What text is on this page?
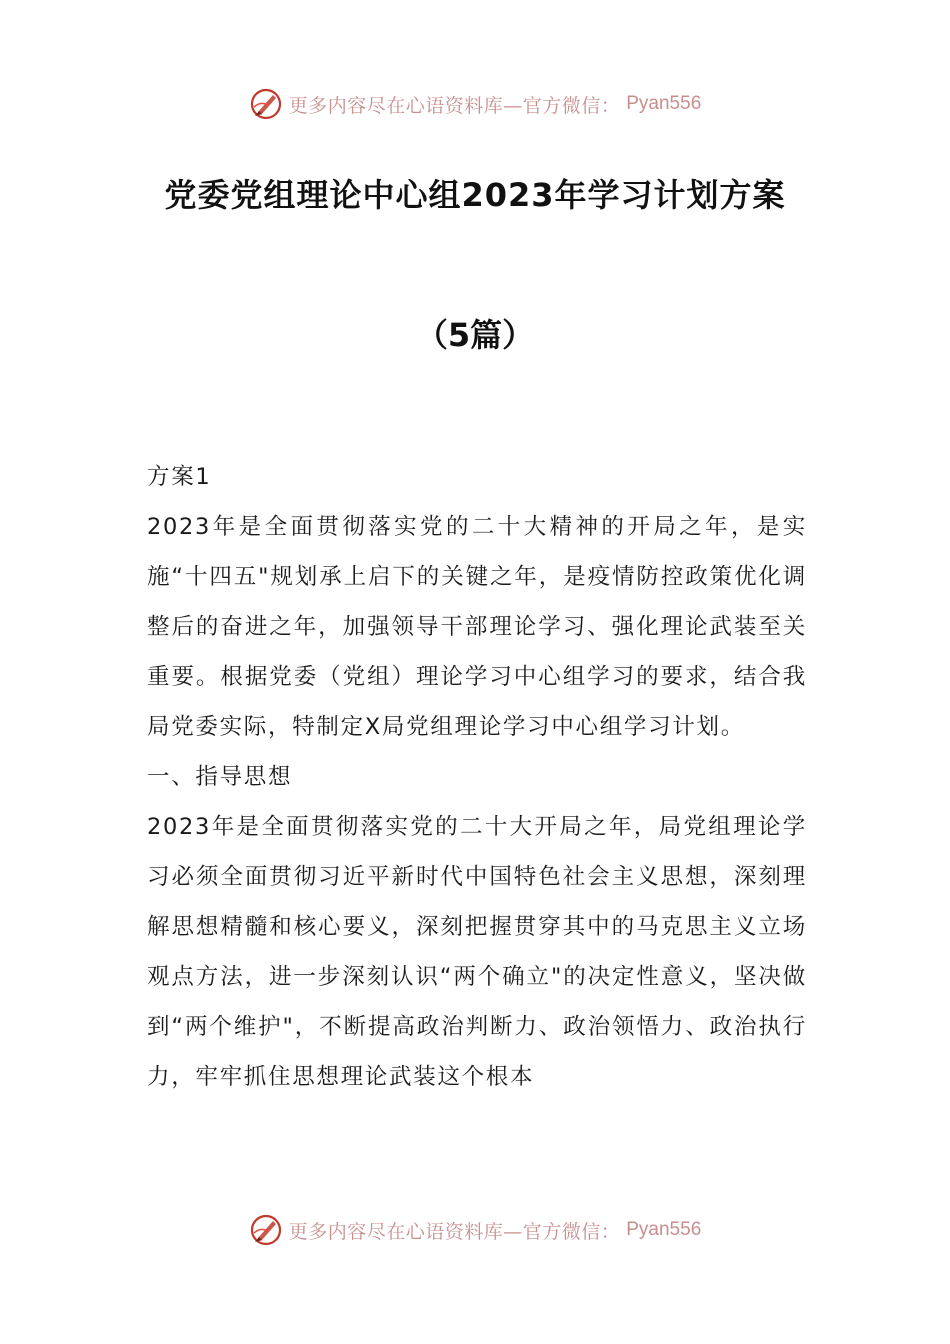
更多内容尽在心语资料库—官方微信： Pyan556
党委党组理论中心组2023年学习计划方案
（5篇）

方案1

2023年是全面贯彻落实党的二十大精神的开局之年，是实施“十四五"规划承上启下的关键之年，是疫情防控政策优化调整后的奋进之年，加强领导干部理论学习、强化理论武装至关重要。根据党委（党组）理论学习中心组学习的要求，结合我局党委实际，特制定X局党组理论学习中心组学习计划。

一、指导思想

2023年是全面贯彻落实党的二十大开局之年，局党组理论学习必须全面贯彻习近平新时代中国特色社会主义思想，深刻理解思想精髓和核心要义，深刻把握贯穿其中的马克思主义立场观点方法，进一步深刻认识“两个确立"的决定性意义，坚决做到“两个维护"，不断提高政治判断力、政治领悟力、政治执行力，牢牢抓住思想理论武装这个根本

更多内容尽在心语资料库—官方微信： Pyan556
